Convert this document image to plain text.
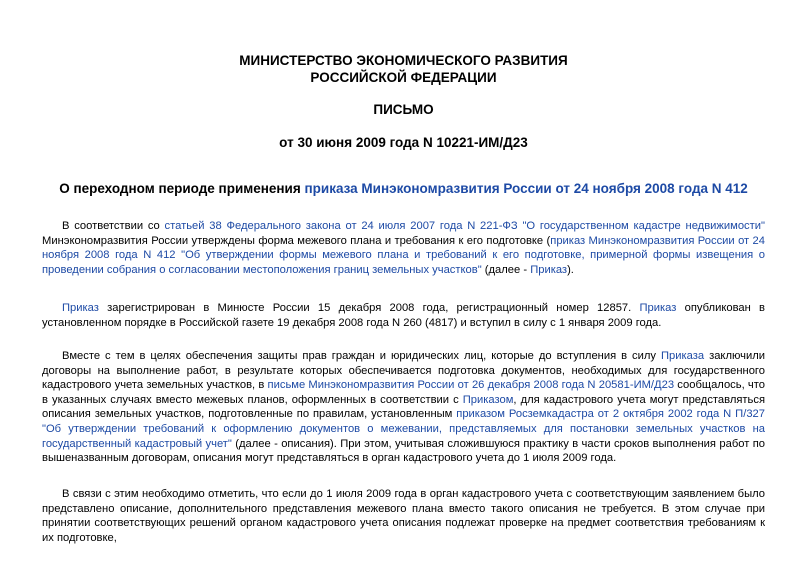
МИНИСТЕРСТВО ЭКОНОМИЧЕСКОГО РАЗВИТИЯ

РОССИЙСКОЙ ФЕДЕРАЦИИ

ПИСЬМО

от 30 июня 2009 года N 10221-ИМ/Д23

О переходном периоде применения приказа Минэкономразвития России от 24 ноября 2008 года N 412

В соответствии со статьей 38 Федерального закона от 24 июля 2007 года N 221-ФЗ "О государственном кадастре недвижимости" Минэкономразвития России утверждены форма межевого плана и требования к его подготовке (приказ Минэкономразвития России от 24 ноября 2008 года N 412 "Об утверждении формы межевого плана и требований к его подготовке, примерной формы извещения о проведении собрания о согласовании местоположения границ земельных участков" (далее - Приказ).

Приказ зарегистрирован в Минюсте России 15 декабря 2008 года, регистрационный номер 12857. Приказ опубликован в установленном порядке в Российской газете 19 декабря 2008 года N 260 (4817) и вступил в силу с 1 января 2009 года.

Вместе с тем в целях обеспечения защиты прав граждан и юридических лиц, которые до вступления в силу Приказа заключили договоры на выполнение работ, в результате которых обеспечивается подготовка документов, необходимых для государственного кадастрового учета земельных участков, в письме Минэкономразвития России от 26 декабря 2008 года N 20581-ИМ/Д23 сообщалось, что в указанных случаях вместо межевых планов, оформленных в соответствии с Приказом, для кадастрового учета могут представляться описания земельных участков, подготовленные по правилам, установленным приказом Росземкадастра от 2 октября 2002 года N П/327 "Об утверждении требований к оформлению документов о межевании, представляемых для постановки земельных участков на государственный кадастровый учет" (далее - описания). При этом, учитывая сложившуюся практику в части сроков выполнения работ по вышеназванным договорам, описания могут представляться в орган кадастрового учета до 1 июля 2009 года.

В связи с этим необходимо отметить, что если до 1 июля 2009 года в орган кадастрового учета с соответствующим заявлением было представлено описание, дополнительного представления межевого плана вместо такого описания не требуется. В этом случае при принятии соответствующих решений органом кадастрового учета описания подлежат проверке на предмет соответствия требованиям к их подготовке,
